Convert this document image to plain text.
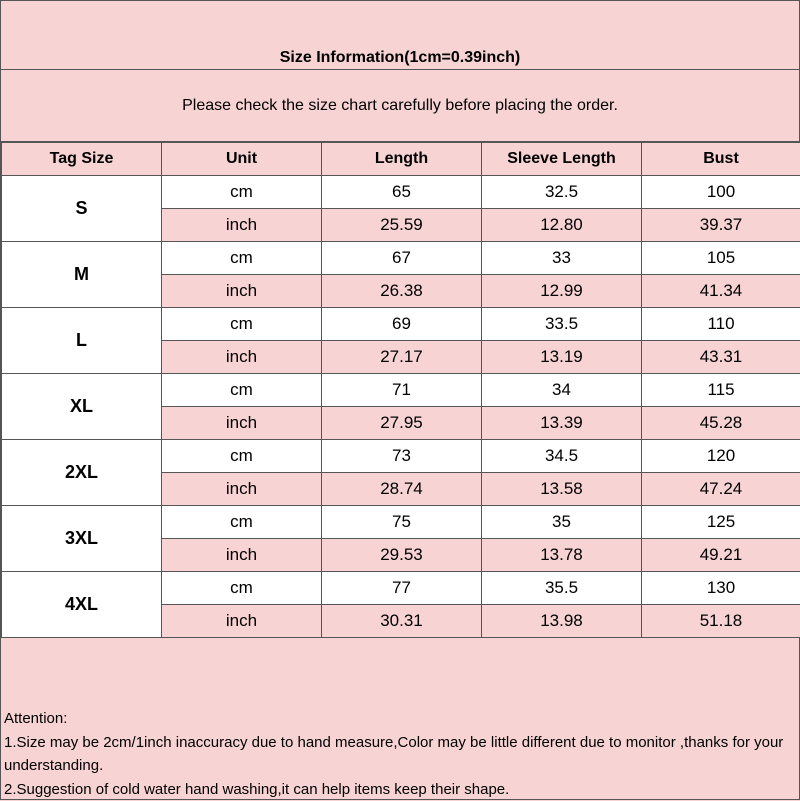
Size Information(1cm=0.39inch)
Please check the size chart carefully before placing the order.
Tag Size	Unit	Length	Sleeve Length	Bust
S	cm	65	32.5	100
	inch	25.59	12.80	39.37
M	cm	67	33	105
	inch	26.38	12.99	41.34
L	cm	69	33.5	110
	inch	27.17	13.19	43.31
XL	cm	71	34	115
	inch	27.95	13.39	45.28
2XL	cm	73	34.5	120
	inch	28.74	13.58	47.24
3XL	cm	75	35	125
	inch	29.53	13.78	49.21
4XL	cm	77	35.5	130
	inch	30.31	13.98	51.18
Attention:
1.Size may be 2cm/1inch inaccuracy due to hand measure,Color may be little different due to monitor ,thanks for your understanding.
2.Suggestion of cold water hand washing,it can help items keep their shape.
